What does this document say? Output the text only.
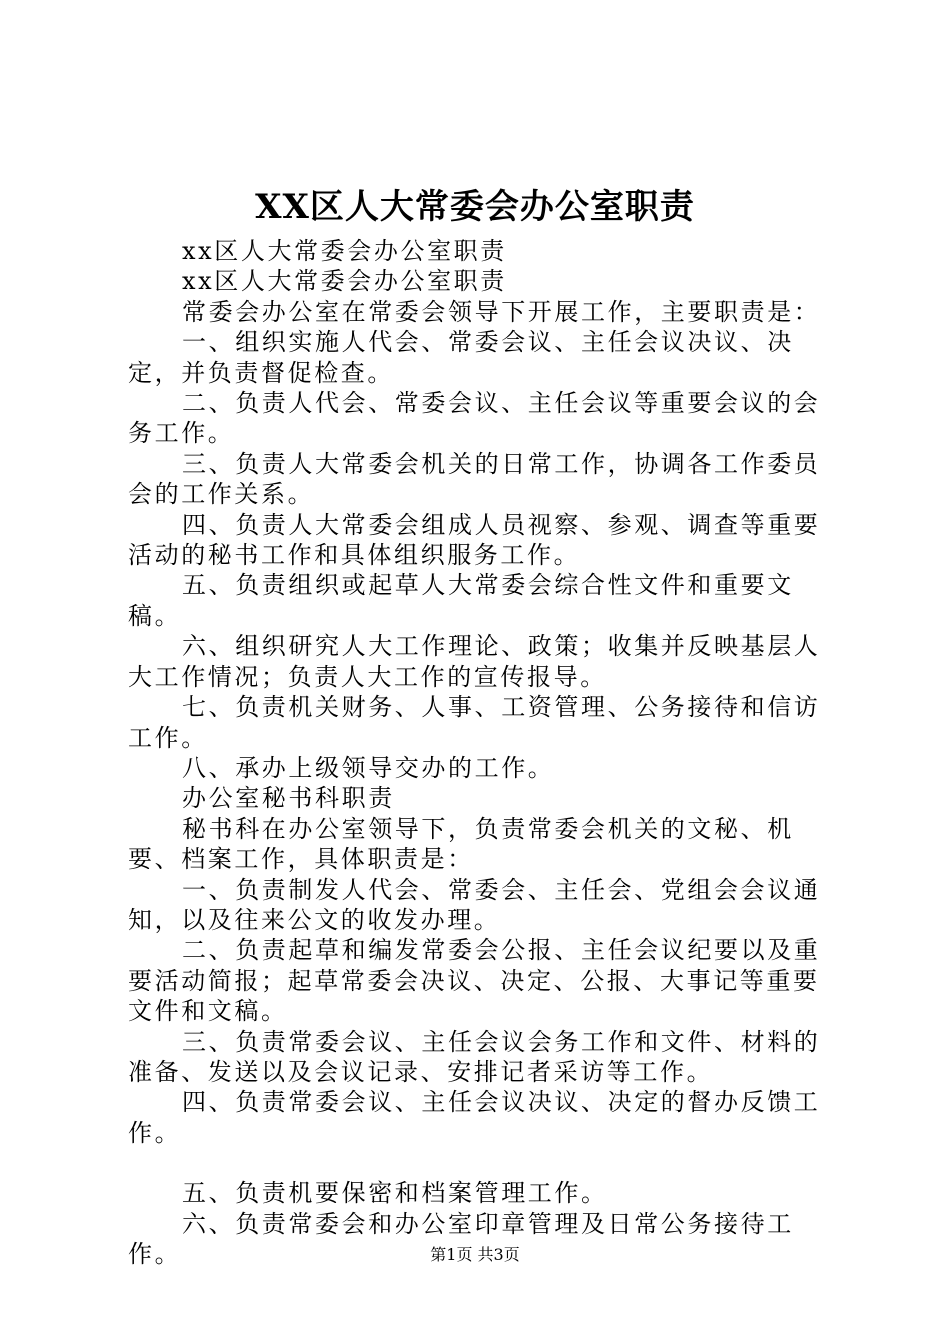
XX区人大常委会办公室职责

xx区人大常委会办公室职责

xx区人大常委会办公室职责

常委会办公室在常委会领导下开展工作，主要职责是：

一、组织实施人代会、常委会议、主任会议决议、决定，并负责督促检查。

二、负责人代会、常委会议、主任会议等重要会议的会务工作。

三、负责人大常委会机关的日常工作，协调各工作委员会的工作关系。

四、负责人大常委会组成人员视察、参观、调查等重要活动的秘书工作和具体组织服务工作。

五、负责组织或起草人大常委会综合性文件和重要文稿。

六、组织研究人大工作理论、政策；收集并反映基层人大工作情况；负责人大工作的宣传报导。

七、负责机关财务、人事、工资管理、公务接待和信访工作。

八、承办上级领导交办的工作。

办公室秘书科职责

秘书科在办公室领导下，负责常委会机关的文秘、机要、档案工作，具体职责是：

一、负责制发人代会、常委会、主任会、党组会会议通知，以及往来公文的收发办理。

二、负责起草和编发常委会公报、主任会议纪要以及重要活动简报；起草常委会决议、决定、公报、大事记等重要文件和文稿。

三、负责常委会议、主任会议会务工作和文件、材料的准备、发送以及会议记录、安排记者采访等工作。

四、负责常委会议、主任会议决议、决定的督办反馈工作。

五、负责机要保密和档案管理工作。

六、负责常委会和办公室印章管理及日常公务接待工作。	第1页 共3页
